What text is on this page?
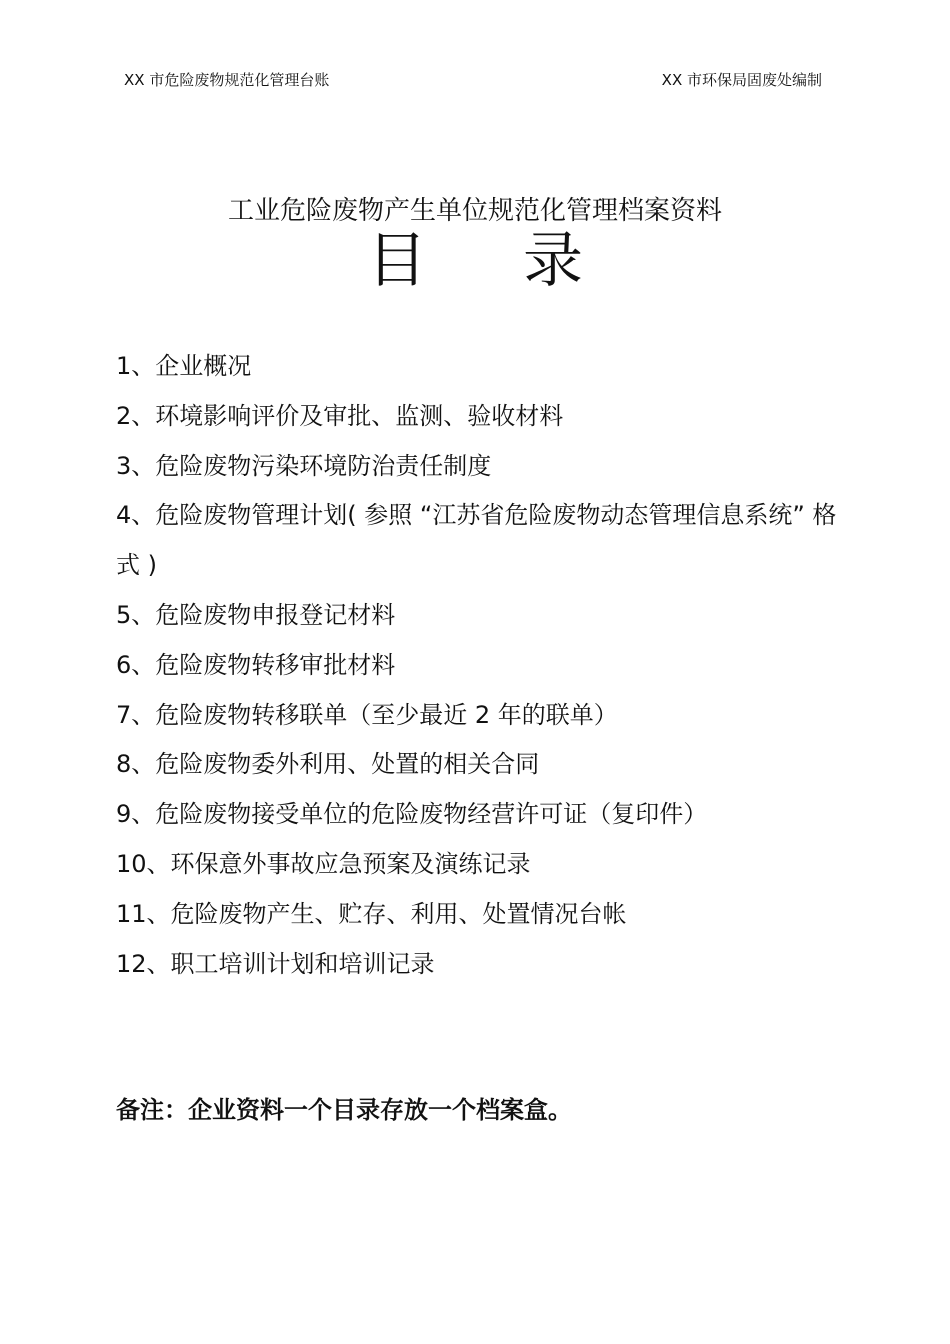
XX 市危险废物规范化管理台账	XX 市环保局固废处编制
工业危险废物产生单位规范化管理档案资料
目录
1、企业概况
2、环境影响评价及审批、监测、验收材料
3、危险废物污染环境防治责任制度
4、危险废物管理计划( 参照 “江苏省危险废物动态管理信息系统” 格式 )
5、危险废物申报登记材料
6、危险废物转移审批材料
7、危险废物转移联单（至少最近 2 年的联单）
8、危险废物委外利用、处置的相关合同
9、危险废物接受单位的危险废物经营许可证（复印件）
10、环保意外事故应急预案及演练记录
11、危险废物产生、贮存、利用、处置情况台帐
12、职工培训计划和培训记录
备注：企业资料一个目录存放一个档案盒。
